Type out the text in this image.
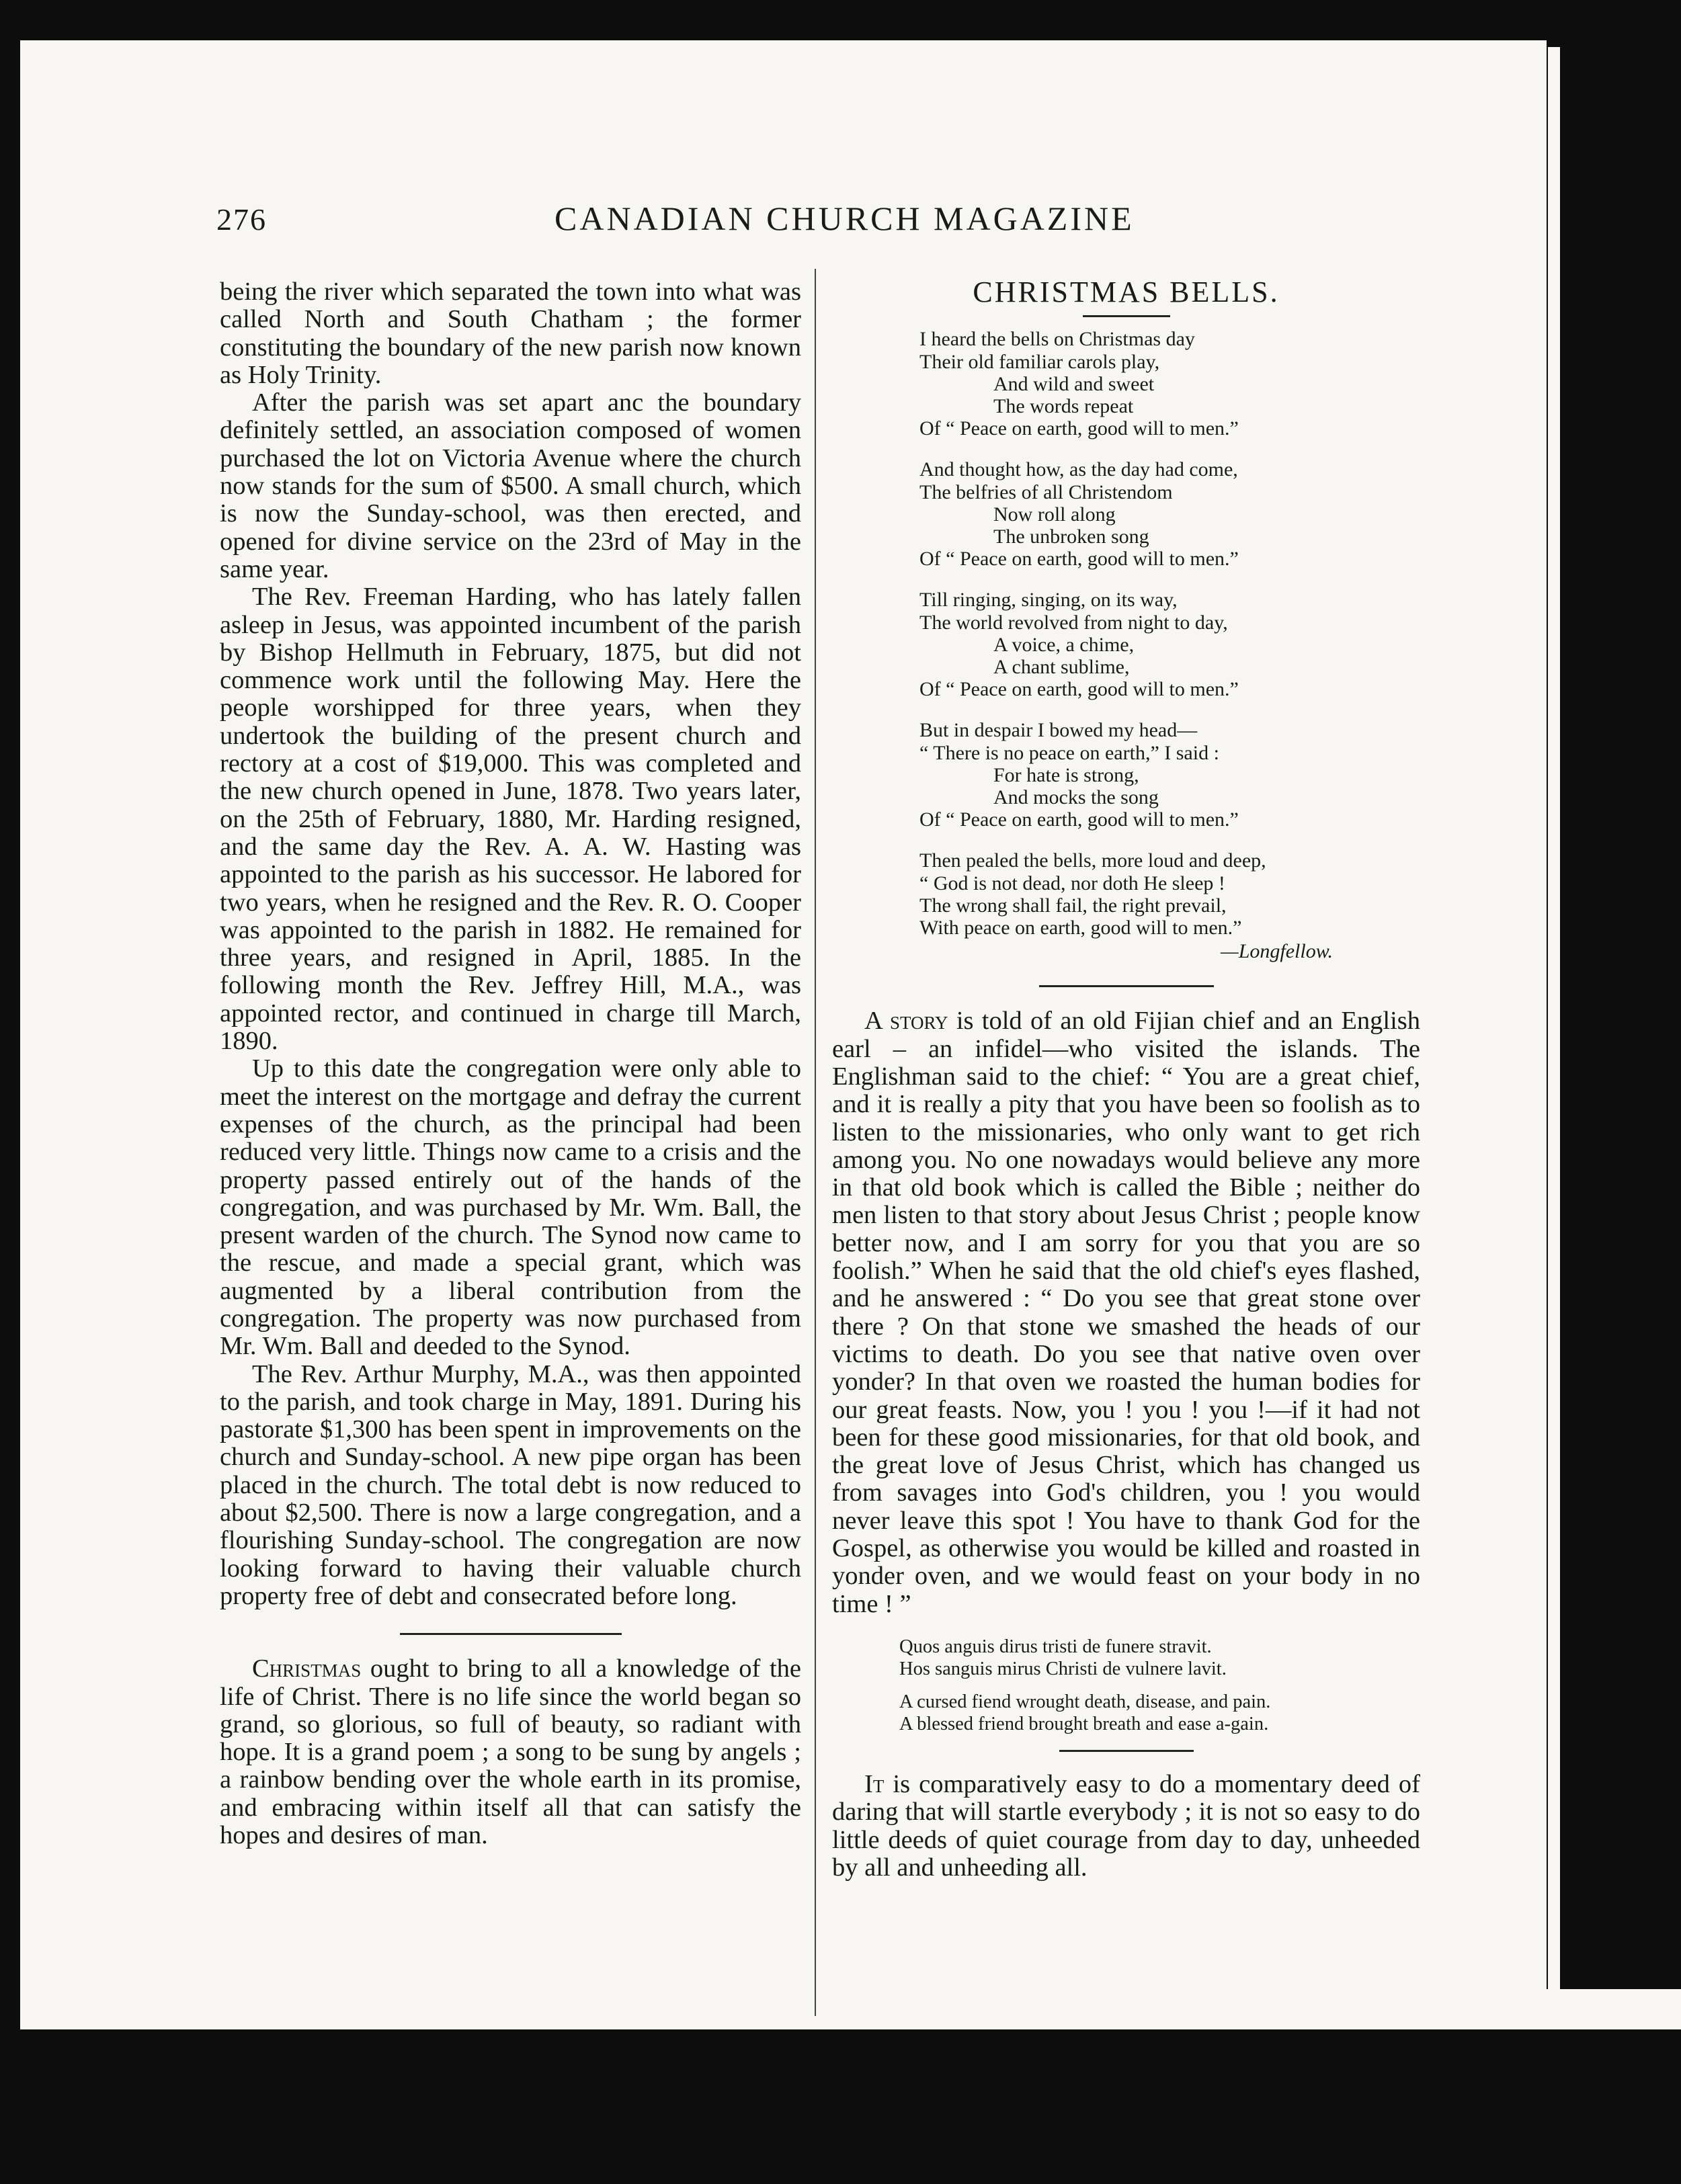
276	CANADIAN CHURCH MAGAZINE

being the river which separated the town into what was called North and South Chatham ; the former constituting the boundary of the new parish now known as Holy Trinity.

After the parish was set apart anc the boundary definitely settled, an association composed of women purchased the lot on Victoria Avenue where the church now stands for the sum of $500. A small church, which is now the Sunday-school, was then erected, and opened for divine service on the 23rd of May in the same year.

The Rev. Freeman Harding, who has lately fallen asleep in Jesus, was appointed incumbent of the parish by Bishop Hellmuth in February, 1875, but did not commence work until the following May. Here the people worshipped for three years, when they undertook the building of the present church and rectory at a cost of $19,000. This was completed and the new church opened in June, 1878. Two years later, on the 25th of February, 1880, Mr. Harding resigned, and the same day the Rev. A. A. W. Hasting was appointed to the parish as his successor. He labored for two years, when he resigned and the Rev. R. O. Cooper was appointed to the parish in 1882. He remained for three years, and resigned in April, 1885. In the following month the Rev. Jeffrey Hill, M.A., was appointed rector, and continued in charge till March, 1890.

Up to this date the congregation were only able to meet the interest on the mortgage and defray the current expenses of the church, as the principal had been reduced very little. Things now came to a crisis and the property passed entirely out of the hands of the congregation, and was purchased by Mr. Wm. Ball, the present warden of the church. The Synod now came to the rescue, and made a special grant, which was augmented by a liberal contribution from the congregation. The property was now purchased from Mr. Wm. Ball and deeded to the Synod.

The Rev. Arthur Murphy, M.A., was then appointed to the parish, and took charge in May, 1891. During his pastorate $1,300 has been spent in improvements on the church and Sunday-school. A new pipe organ has been placed in the church. The total debt is now reduced to about $2,500. There is now a large congregation, and a flourishing Sunday-school. The congregation are now looking forward to having their valuable church property free of debt and consecrated before long.

Christmas ought to bring to all a knowledge of the life of Christ. There is no life since the world began so grand, so glorious, so full of beauty, so radiant with hope. It is a grand poem ; a song to be sung by angels ; a rainbow bending over the whole earth in its promise, and embracing within itself all that can satisfy the hopes and desires of man.

CHRISTMAS BELLS.
I heard the bells on Christmas day
Their old familiar carols play,
And wild and sweet
The words repeat
Of “ Peace on earth, good will to men.”
And thought how, as the day had come,
The belfries of all Christendom
Now roll along
The unbroken song
Of “ Peace on earth, good will to men.”
Till ringing, singing, on its way,
The world revolved from night to day,
A voice, a chime,
A chant sublime,
Of “ Peace on earth, good will to men.”
But in despair I bowed my head—
“ There is no peace on earth,” I said :
For hate is strong,
And mocks the song
Of “ Peace on earth, good will to men.”
Then pealed the bells, more loud and deep,
“ God is not dead, nor doth He sleep !
The wrong shall fail, the right prevail,
With peace on earth, good will to men.”
—Longfellow.

A story is told of an old Fijian chief and an English earl – an infidel—who visited the islands. The Englishman said to the chief: “ You are a great chief, and it is really a pity that you have been so foolish as to listen to the missionaries, who only want to get rich among you. No one nowadays would believe any more in that old book which is called the Bible ; neither do men listen to that story about Jesus Christ ; people know better now, and I am sorry for you that you are so foolish.” When he said that the old chief's eyes flashed, and he answered : “ Do you see that great stone over there ? On that stone we smashed the heads of our victims to death. Do you see that native oven over yonder? In that oven we roasted the human bodies for our great feasts. Now, you ! you ! you !—if it had not been for these good missionaries, for that old book, and the great love of Jesus Christ, which has changed us from savages into God's children, you ! you would never leave this spot ! You have to thank God for the Gospel, as otherwise you would be killed and roasted in yonder oven, and we would feast on your body in no time ! ”

Quos anguis dirus tristi de funere stravit.
Hos sanguis mirus Christi de vulnere lavit.
A cursed fiend wrought death, disease, and pain.
A blessed friend brought breath and ease a-gain.

It is comparatively easy to do a momentary deed of daring that will startle everybody ; it is not so easy to do little deeds of quiet courage from day to day, unheeded by all and unheeding all.
